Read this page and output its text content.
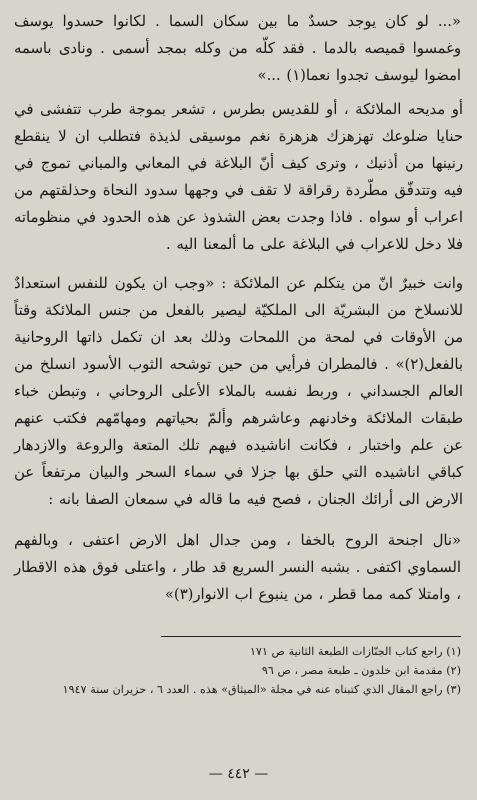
«... لو كان يوجد حسدٌ ما بين سكان السما . لكانوا حسدوا يوسف وغمسوا قميصه بالدما . فقد كلّه من وكله بمجد أسمى . ونادى باسمه امضوا ليوسف تجدوا نعما(١) ...»

أو مديحه الملائكة ، أو للقديس بطرس ، تشعر بموجة طرب تتفشى في حنايا ضلوعك تهزهزك هزهزة نغم موسيقى لذيذة فتطلب ان لا ينقطع رنينها من أذنيك ، وترى كيف أنّ البلاغة في المعاني والمباني تموج في فيه وتتدفّق مطّردة رقراقة لا تقف في وجهها سدود النحاة وحذلقتهم من اعراب أو سواه . فاذا وجدت بعض الشذوذ عن هذه الحدود في منظوماته فلا دخل للاعراب في البلاغة على ما ألمعنا اليه .

وانت خبيرٌ انّ من يتكلم عن الملائكة : «وجب ان يكون للنفس استعدادٌ للانسلاخ من البشريّة الى الملكيّة ليصير بالفعل من جنس الملائكة وقتاً من الأوقات في لمحة من اللمحات وذلك بعد ان تكمل ذاتها الروحانية بالفعل(٢)» . فالمطران فرأيي من حين توشحه الثوب الأسود انسلخ من العالم الجسداني ، وربط نفسه بالملاء الأعلى الروحاني ، وتبطن خباء طبقات الملائكة وخادنهم وعاشرهم وألمّ بحياتهم ومهامّهم فكتب عنهم عن علم واختبار ، فكانت اناشيده فيهم تلك المتعة والروعة والازدهار كباقي اناشيده التي حلق بها جزلا في سماء السحر والبيان مرتفعاً عن الارض الى أرائك الجنان ، فصح فيه ما قاله في سمعان الصفا بانه :

«نال اجنحة الروح بالخفا ، ومن جدال اهل الارض اعتفى ، وبالفهم السماوي اكتفى . بشبه النسر السريع قد طار ، واعتلى فوق هذه الاقطار ، وامتلا كمه مما قطر ، من ينبوع اب الانوار(٣)»

(١) راجع كتاب الجنّازات الطبعة الثانية ص ١٧١
(٢) مقدمة ابن خلدون ـ طبعة مصر ، ص ٩٦
(٣) راجع المقال الذي كتبناه عنه في مجلة «الميثاق» هذه . العدد ٦ ، حزيران سنة ١٩٤٧
— ٤٤٢ —
